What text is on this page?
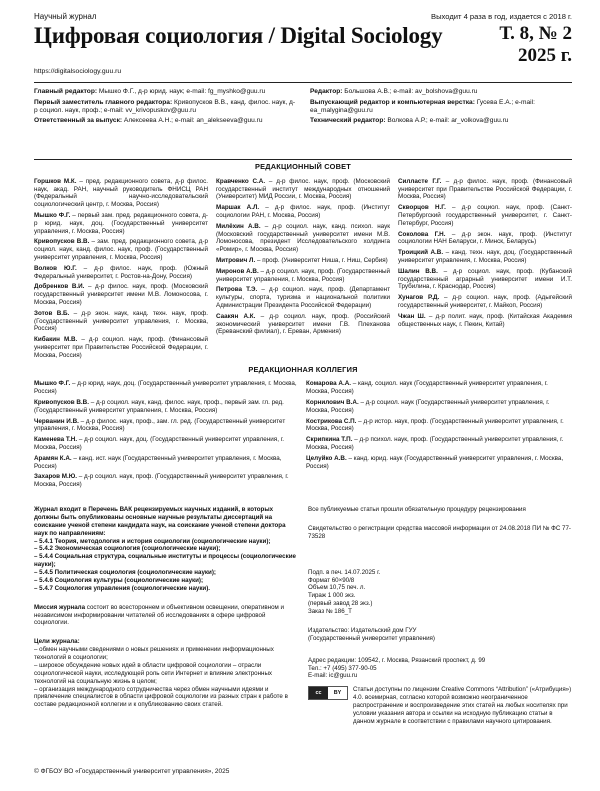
Научный журнал
Цифровая социология / Digital Sociology
https://digitalsociology.guu.ru
Выходит 4 раза в год, издается с 2018 г.
Т. 8, № 2
2025 г.

Главный редактор: Мышко Ф.Г., д-р юрид. наук; e-mail: fg_myshko@guu.ru

Первый заместитель главного редактора: Кривопусков В.В., канд. филос. наук, д-р социол. наук, проф.; e-mail: vv_krivopuskov@guu.ru

Ответственный за выпуск: Алексеева А.Н.; e-mail: an_alekseeva@guu.ru

Редактор: Большова А.В.; e-mail: av_bolshova@guu.ru

Выпускающий редактор и компьютерная верстка: Гусева Е.А.; e-mail: ea_malygina@guu.ru

Технический редактор: Волкова А.Р.; e-mail: ar_volkova@guu.ru

РЕДАКЦИОННЫЙ СОВЕТ

Горшков М.К. – пред. редакционного совета, д-р филос. наук, акад. РАН, научный руководитель ФНИСЦ РАН (Федеральный научно-исследовательский социологический центр, г. Москва, Россия)

Мышко Ф.Г. – первый зам. пред. редакционного совета, д-р юрид. наук, доц. (Государственный университет управления, г. Москва, Россия)

Кривопусков В.В. – зам. пред. редакционного совета, д-р социол. наук, канд. филос. наук, проф. (Государственный университет управления, г. Москва, Россия)

Волков Ю.Г. – д-р филос. наук, проф. (Южный Федеральный университет, г. Ростов-на-Дону, Россия)

Добренков В.И. – д-р филос. наук, проф. (Московский государственный университет имени М.В. Ломоносова, г. Москва, Россия)

Зотов В.Б. – д-р экон. наук, канд. техн. наук, проф. (Государственный университет управления, г. Москва, Россия)

Кибакин М.В. – д-р социол. наук, проф. (Финансовый университет при Правительстве Российской Федерации, г. Москва, Россия)

Кравченко С.А. – д-р филос. наук, проф. (Московский государственный институт международных отношений (Университет) МИД России, г. Москва, Россия)

Маршак А.Л. – д-р филос. наук, проф. (Институт социологии РАН, г. Москва, Россия)

Милёхин А.В. – д-р социол. наук, канд. психол. наук (Московский государственный университет имени М.В. Ломоносова, президент Исследовательского холдинга «Ромир», г. Москва, Россия)

Митрович Л. – проф. (Университет Ниша, г. Ниш, Сербия)

Миронов А.В. – д-р социол. наук, проф. (Государственный университет управления, г. Москва, Россия)

Петрова Т.Э. – д-р социол. наук, проф. (Департамент культуры, спорта, туризма и национальной политики Администрации Президента Российской Федерации)

Саакян А.К. – д-р социол. наук, проф. (Российский экономический университет имени Г.В. Плеханова (Ереванский филиал), г. Ереван, Армения)

Силласте Г.Г. – д-р филос. наук, проф. (Финансовый университет при Правительстве Российской Федерации, г. Москва, Россия)

Скворцов Н.Г. – д-р социол. наук, проф. (Санкт-Петербургский государственный университет, г. Санкт-Петербург, Россия)

Соколова Г.Н. – д-р экон. наук, проф. (Институт социологии НАН Беларуси, г. Минск, Беларусь)

Троицкий А.В. – канд. техн. наук, доц. (Государственный университет управления, г. Москва, Россия)

Шалин В.В. – д-р социол. наук, проф. (Кубанский государственный аграрный университет имени И.Т. Трубилина, г. Краснодар, Россия)

Хунагов Р.Д. – д-р социол. наук, проф. (Адыгейский государственный университет, г. Майкоп, Россия)

Чжан Ш. – д-р полит. наук, проф. (Китайская Академия общественных наук, г. Пекин, Китай)

РЕДАКЦИОННАЯ КОЛЛЕГИЯ

Мышко Ф.Г. – д-р юрид. наук, доц. (Государственный университет управления, г. Москва, Россия)

Комарова А.А. – канд. социол. наук (Государственный университет управления, г. Москва, Россия)

Кривопусков В.В. – д-р социол. наук, канд. филос. наук, проф., первый зам. гл. ред. (Государственный университет управления, г. Москва, Россия)

Корнилович В.А. – д-р социол. наук (Государственный университет управления, г. Москва, Россия)

Черванин И.В. – д-р филос. наук, проф., зам. гл. ред. (Государственный университет управления, г. Москва, Россия)

Кострикова С.П. – д-р истор. наук, проф. (Государственный университет управления, г. Москва, Россия)

Каменева Т.Н. – д-р социол. наук, доц. (Государственный университет управления, г. Москва, Россия)

Скрипкина Т.П. – д-р психол. наук, проф. (Государственный университет управления, г. Москва, Россия)

Арамян К.А. – канд. ист. наук (Государственный университет управления, г. Москва, Россия)

Целуйко А.В. – канд. юрид. наук (Государственный университет управления, г. Москва, Россия)

Захаров М.Ю. – д-р социол. наук, проф. (Государственный университет управления, г. Москва, Россия)

Журнал входит в Перечень ВАК рецензируемых научных изданий, в которых должны быть опубликованы основные научные результаты диссертаций на соискание ученой степени кандидата наук, на соискание ученой степени доктора наук по направлениям:

– 5.4.1 Теория, методология и история социологии (социологические науки);

– 5.4.2 Экономическая социология (социологические науки);

– 5.4.4 Социальная структура, социальные институты и процессы (социологические науки);

– 5.4.5 Политическая социология (социологические науки);

– 5.4.6 Социология культуры (социологические науки);

– 5.4.7 Социология управления (социологические науки).

Миссия журнала состоит во всестороннем и объективном освещении, оперативном и независимом информировании читателей об исследованиях в сфере цифровой социологии.

Цели журнала:

– обмен научными сведениями о новых решениях и применении информационных технологий в социологии;

– широкое обсуждение новых идей в области цифровой социологии – отрасли социологической науки, исследующей роль сети Интернет и влияние электронных технологий на социальную жизнь в целом;

– организация международного сотрудничества через обмен научными идеями и привлечение специалистов в области цифровой социологии из разных стран к работе в составе редакционной коллегии и к опубликованию своих статей.

Все публикуемые статьи прошли обязательную процедуру рецензирования

Свидетельство о регистрации средства массовой информации от 24.08.2018 ПИ № ФС 77-73528

Подп. в печ. 14.07.2025 г.

Формат 60×90/8

Объем 10,75 печ. л.

Тираж 1 000 экз.

(первый завод 28 экз.)

Заказ № 186_Т

Издательство: Издательский дом ГУУ

(Государственный университет управления)

Адрес редакции: 109542, г. Москва, Рязанский проспект, д. 99

Тел.: +7 (495) 377-90-05

E-mail: ic@guu.ru

cc	BY	Статьи доступны по лицензии Creative Commons “Attribution” («Атрибуция») 4.0. всемирная, согласно которой возможно неограниченное распространение и воспроизведение этих статей на любых носителях при условии указания автора и ссылки на исходную публикацию статьи в данном журнале в соответствии с правилами научного цитирования.

© ФГБОУ ВО «Государственный университет управления», 2025
